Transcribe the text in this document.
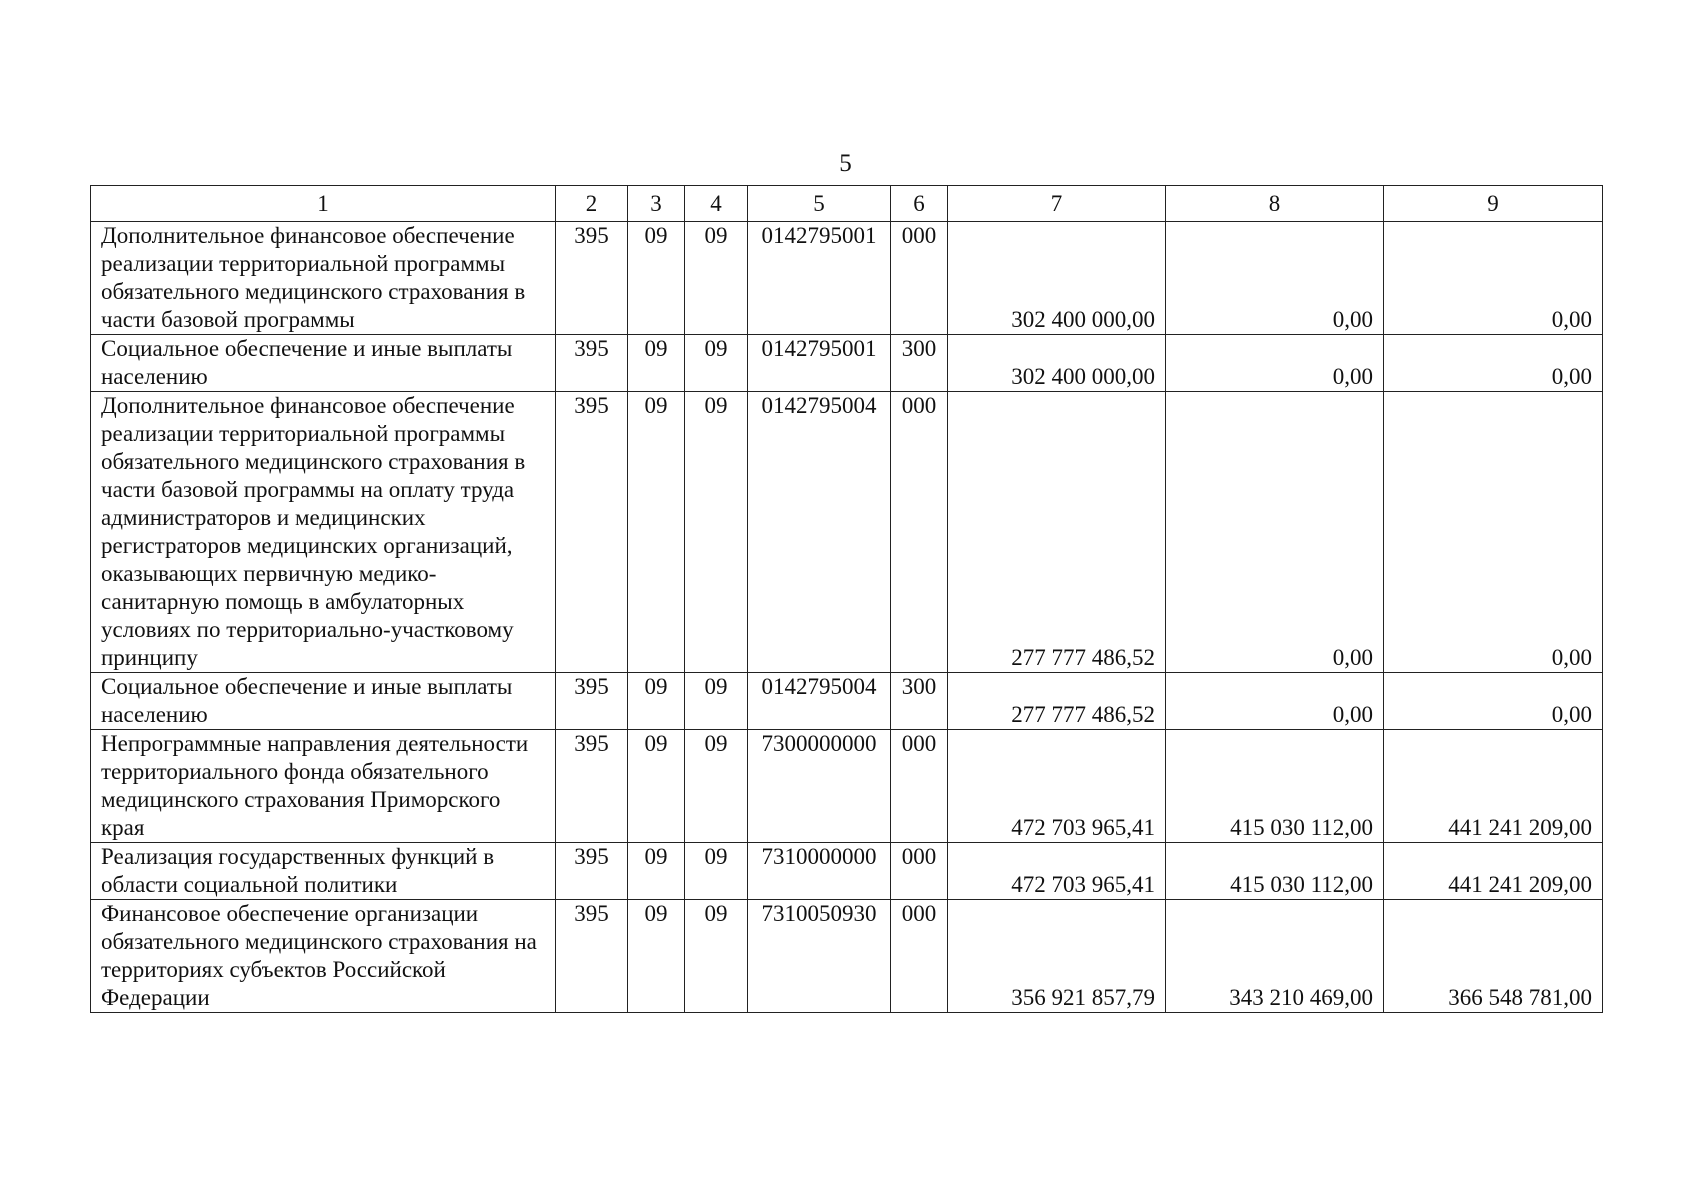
5
1	2	3	4	5	6	7	8	9
Дополнительное финансовое обеспечение реализации территориальной программы обязательного медицинского страхования в части базовой программы	395	09	09	0142795001	000	302 400 000,00	0,00	0,00
Социальное обеспечение и иные выплаты населению	395	09	09	0142795001	300	302 400 000,00	0,00	0,00
Дополнительное финансовое обеспечение реализации территориальной программы обязательного медицинского страхования в части базовой программы на оплату труда администраторов и медицинских регистраторов медицинских организаций, оказывающих первичную медико-санитарную помощь в амбулаторных условиях по территориально-участковому принципу	395	09	09	0142795004	000	277 777 486,52	0,00	0,00
Социальное обеспечение и иные выплаты населению	395	09	09	0142795004	300	277 777 486,52	0,00	0,00
Непрограммные направления деятельности территориального фонда обязательного медицинского страхования Приморского края	395	09	09	7300000000	000	472 703 965,41	415 030 112,00	441 241 209,00
Реализация государственных функций в области социальной политики	395	09	09	7310000000	000	472 703 965,41	415 030 112,00	441 241 209,00
Финансовое обеспечение организации обязательного медицинского страхования на территориях субъектов Российской Федерации	395	09	09	7310050930	000	356 921 857,79	343 210 469,00	366 548 781,00
